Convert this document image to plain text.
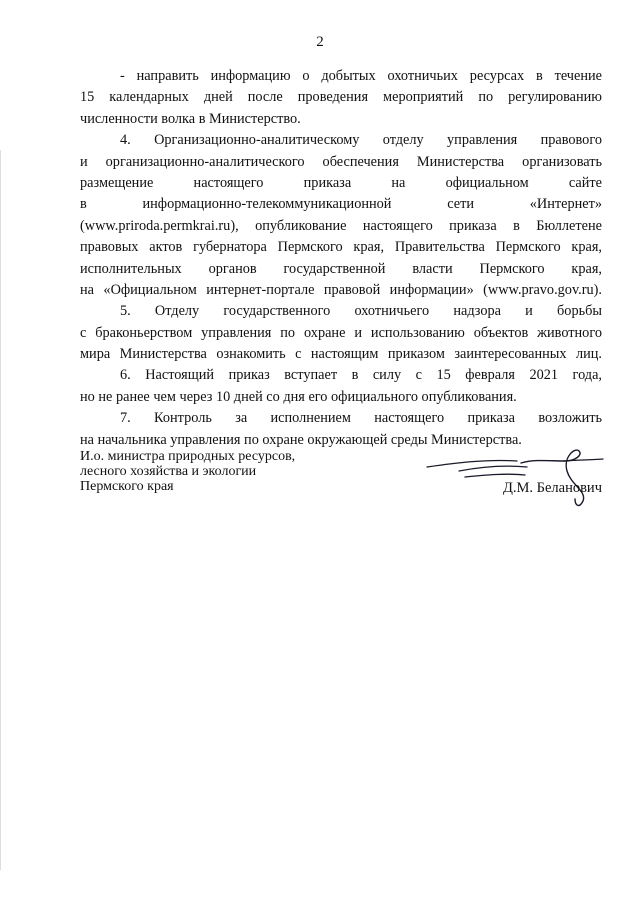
2
- направить информацию о добытых охотничьих ресурсах в течение
15 календарных дней после проведения мероприятий по регулированию
численности волка в Министерство.
4. Организационно-аналитическому отделу управления правового
и организационно-аналитического обеспечения Министерства организовать
размещение настоящего приказа на официальном сайте
в информационно-телекоммуникационной сети «Интернет»
(www.priroda.permkrai.ru), опубликование настоящего приказа в Бюллетене
правовых актов губернатора Пермского края, Правительства Пермского края,
исполнительных органов государственной власти Пермского края,
на «Официальном интернет-портале правовой информации» (www.pravo.gov.ru).
5. Отделу государственного охотничьего надзора и борьбы
с браконьерством управления по охране и использованию объектов животного
мира Министерства ознакомить с настоящим приказом заинтересованных лиц.
6. Настоящий приказ вступает в силу с 15 февраля 2021 года,
но не ранее чем через 10 дней со дня его официального опубликования.
7. Контроль за исполнением настоящего приказа возложить
на начальника управления по охране окружающей среды Министерства.
И.о. министра природных ресурсов,
лесного хозяйства и экологии
Пермского края	Д.М. Беланович
